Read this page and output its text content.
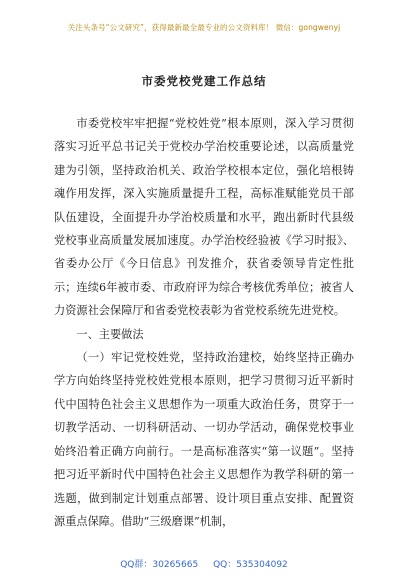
关注头条号“公文研究”，获得最新最全最专业的公文资料库！ 微信：gongwenyj
市委党校党建工作总结

市委党校牢牢把握“党校姓党”根本原则，深入学习贯彻落实习近平总书记关于党校办学治校重要论述，以高质量党建为引领，坚持政治机关、政治学校根本定位，强化培根铸魂作用发挥，深入实施质量提升工程，高标准赋能党员干部队伍建设，全面提升办学治校质量和水平，跑出新时代县级党校事业高质量发展加速度。办学治校经验被《学习时报》、省委办公厅《今日信息》刊发推介，获省委领导肯定性批示；连续6年被市委、市政府评为综合考核优秀单位；被省人力资源社会保障厅和省委党校表彰为省党校系统先进党校。

一、主要做法

（一）牢记党校姓党，坚持政治建校，始终坚持正确办学方向始终坚持党校姓党根本原则，把学习贯彻习近平新时代中国特色社会主义思想作为一项重大政治任务，贯穿于一切教学活动、一切科研活动、一切办学活动，确保党校事业始终沿着正确方向前行。一是高标准落实“第一议题”。坚持把习近平新时代中国特色社会主义思想作为教学科研的第一选题，做到制定计划重点部署、设计项目重点安排、配置资源重点保障。借助“三级磨课”机制，

QQ群：30265665 QQ：535304092
